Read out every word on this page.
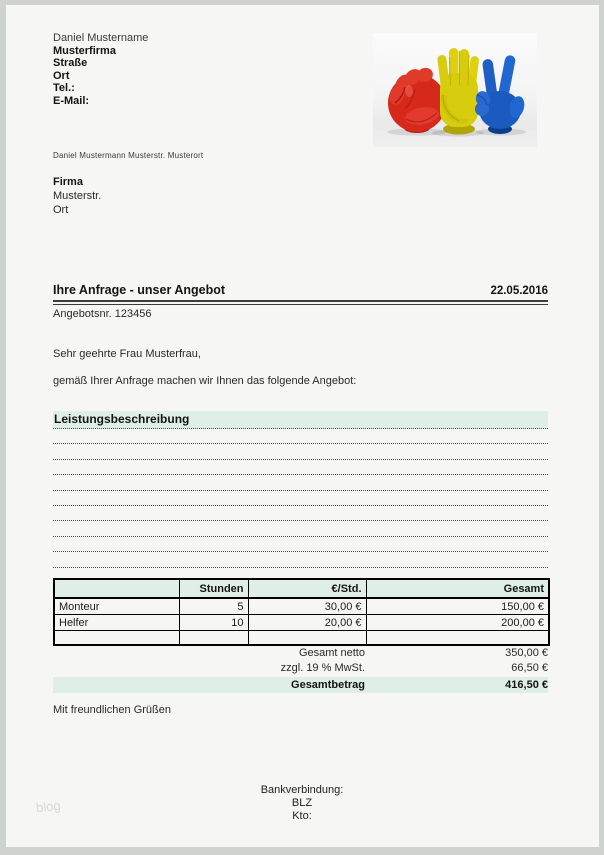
Daniel Mustername
Musterfirma
Straße
Ort
Tel.:
E-Mail:
Daniel Mustermann Musterstr. Musterort
Firma
Musterstr.
Ort
Ihre Anfrage - unser Angebot	22.05.2016
Angebotsnr. 123456
Sehr geehrte Frau Musterfrau,
gemäß Ihrer Anfrage machen wir Ihnen das folgende Angebot:
Leistungsbeschreibung
	Stunden	€/Std.	Gesamt
Monteur	5	30,00 €	150,00 €
Helfer	10	20,00 €	200,00 €

Gesamt netto	350,00 €
zzgl. 19 % MwSt.	66,50 €
Gesamtbetrag	416,50 €
Mit freundlichen Grüßen
Bankverbindung:
BLZ
Kto:
blog
